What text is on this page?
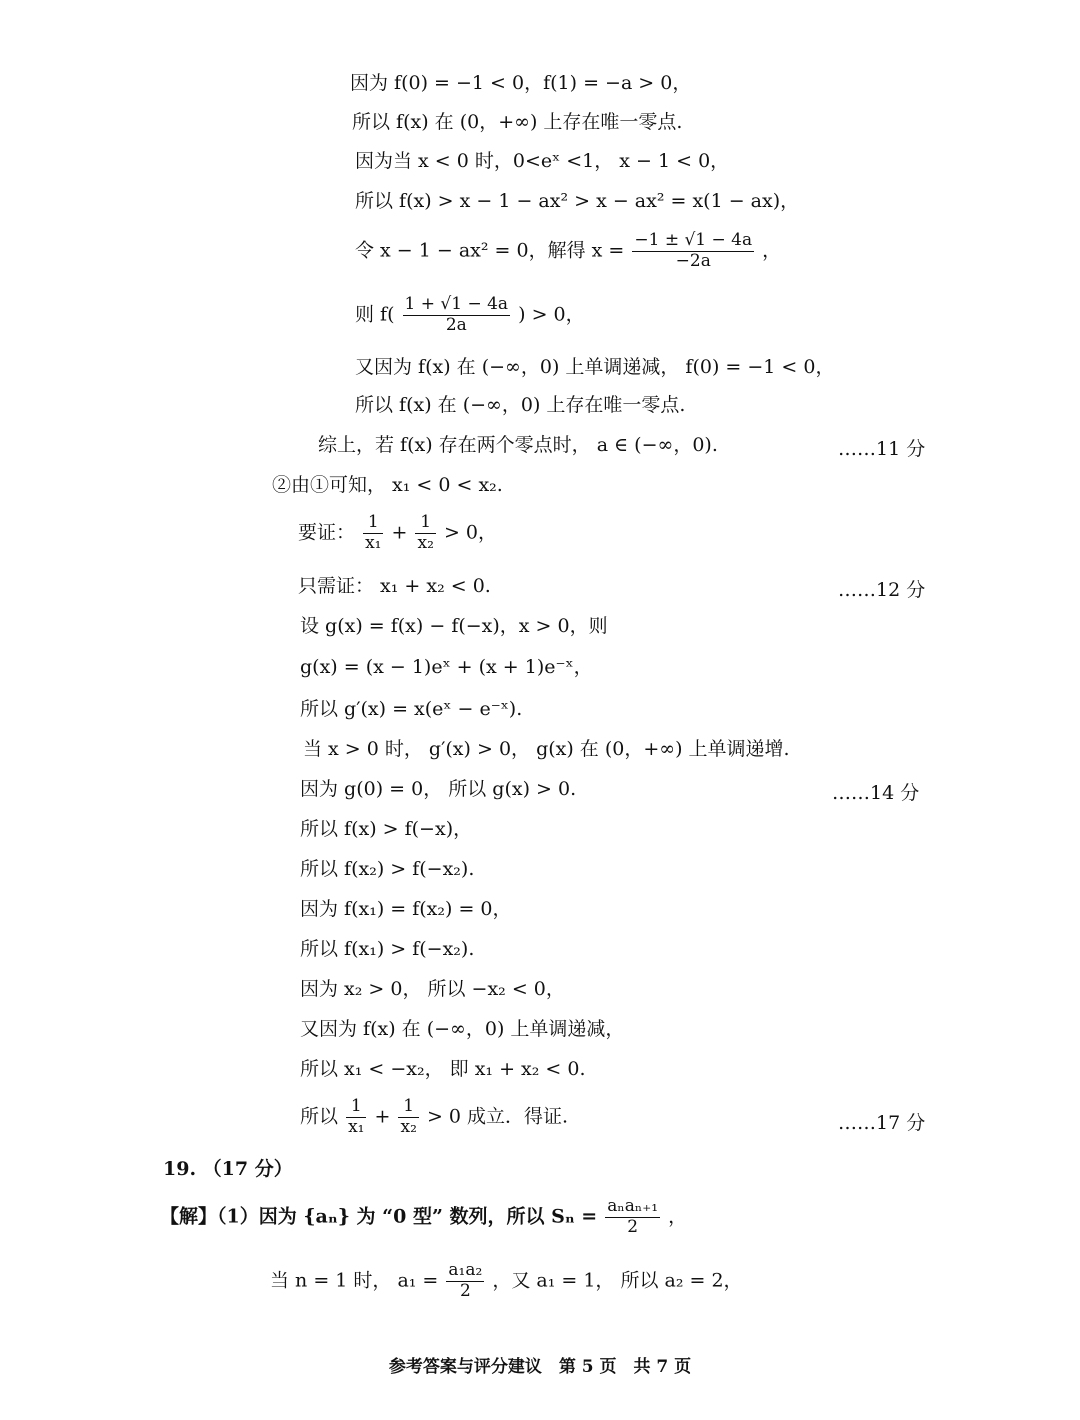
因为 f(0) = −1 < 0，f(1) = −a > 0，
所以 f(x) 在 (0，+∞) 上存在唯一零点.
因为当 x < 0 时，0<eˣ <1， x − 1 < 0，
所以 f(x) > x − 1 − ax² > x − ax² = x(1 − ax)，
令 x − 1 − ax² = 0，解得 $x = \frac{-1 \pm √1 - 4a}{-2a}$ ，
则 $f( \frac{1 + √1 - 4a}{2a}$ ) > 0，
又因为 f(x) 在 (−∞，0) 上单调递减， f(0) = −1 < 0，
所以 f(x) 在 (−∞，0) 上存在唯一零点.
综上，若 f(x) 存在两个零点时， a ∈ (−∞，0).	……11 分
②由①可知， x₁ < 0 < x₂.
要证： $\frac{1}{\text{x₁}} + \frac{1}{\text{x₂}} > 0$，
只需证： x₁ + x₂ < 0.	……12 分
设 g(x) = f(x) − f(−x)，x > 0，则
g(x) = (x − 1)eˣ + (x + 1)e⁻ˣ，
所以 g′(x) = x(eˣ − e⁻ˣ).
当 x > 0 时， g′(x) > 0， g(x) 在 (0，+∞) 上单调递增.
因为 g(0) = 0， 所以 g(x) > 0.	……14 分
所以 f(x) > f(−x)，
所以 f(x₂) > f(−x₂).
因为 f(x₁) = f(x₂) = 0，
所以 f(x₁) > f(−x₂).
因为 x₂ > 0， 所以 −x₂ < 0，
又因为 f(x) 在 (−∞，0) 上单调递减，
所以 x₁ < −x₂， 即 x₁ + x₂ < 0.
所以 $\frac{1}{\text{x₁}} + \frac{1}{\text{x₂}} > 0$ 成立．得证.	……17 分
19. （17 分）
【解】（1）因为 {aₙ} 为 “0 型” 数列，所以 $S_n = \frac{\text{aₙaₙ₊₁}}{2}$ ，
当 n = 1 时， $a_1 = \frac{\text{a₁a₂}}{2}$ ，又 a₁ = 1， 所以 a₂ = 2，
参考答案与评分建议　第 5 页　共 7 页
